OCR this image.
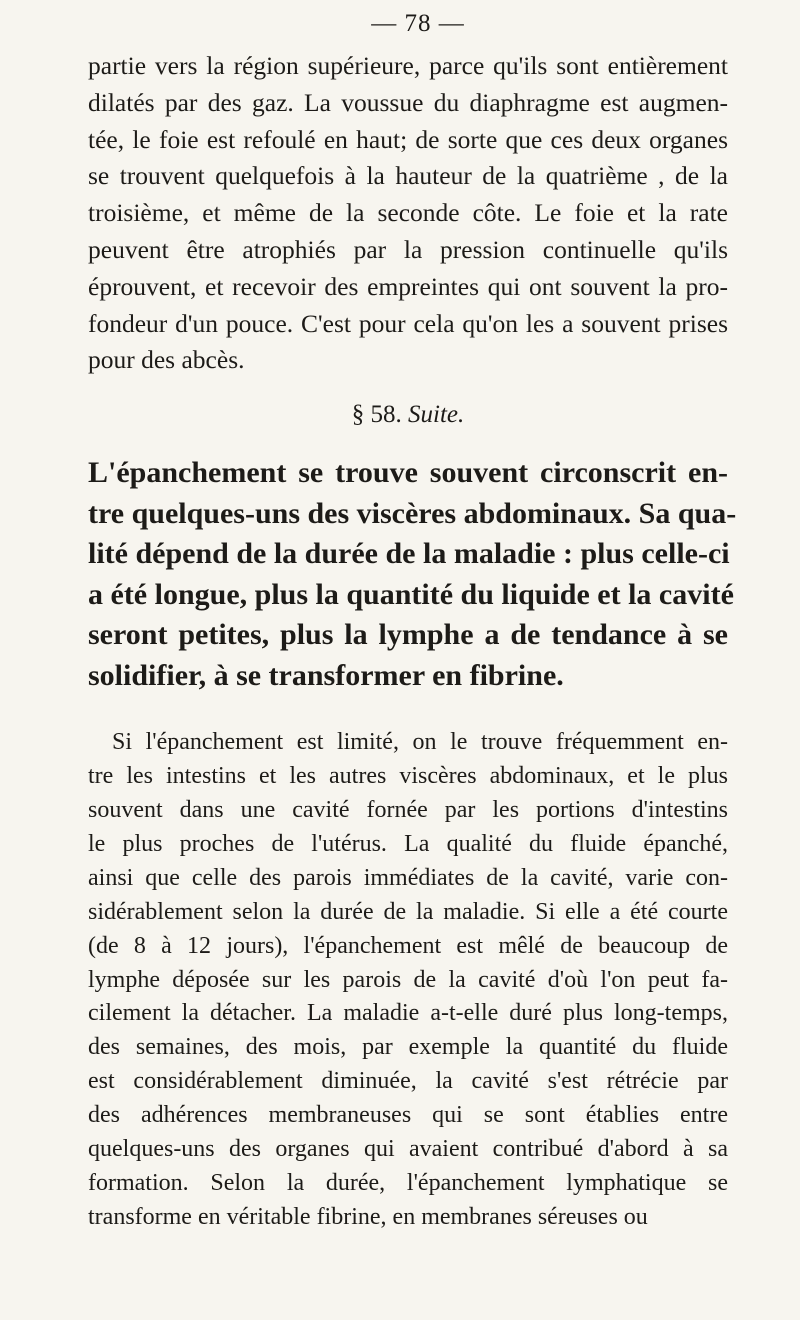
— 78 —

partie vers la région supérieure, parce qu'ils sont entièrement
dilatés par des gaz. La voussue du diaphragme est augmen-
tée, le foie est refoulé en haut; de sorte que ces deux organes
se trouvent quelquefois à la hauteur de la quatrième , de la
troisième, et même de la seconde côte. Le foie et la rate
peuvent être atrophiés par la pression continuelle qu'ils
éprouvent, et recevoir des empreintes qui ont souvent la pro-
fondeur d'un pouce. C'est pour cela qu'on les a souvent prises
pour des abcès.

§ 58. Suite.

L'épanchement se trouve souvent circonscrit en-
tre quelques-uns des viscères abdominaux. Sa qua-
lité dépend de la durée de la maladie : plus celle-ci
a été longue, plus la quantité du liquide et la cavité
seront petites, plus la lymphe a de tendance à se
solidifier, à se transformer en fibrine.

Si l'épanchement est limité, on le trouve fréquemment en-
tre les intestins et les autres viscères abdominaux, et le plus
souvent dans une cavité fornée par les portions d'intestins
le plus proches de l'utérus. La qualité du fluide épanché,
ainsi que celle des parois immédiates de la cavité, varie con-
sidérablement selon la durée de la maladie. Si elle a été courte
(de 8 à 12 jours), l'épanchement est mêlé de beaucoup de
lymphe déposée sur les parois de la cavité d'où l'on peut fa-
cilement la détacher. La maladie a-t-elle duré plus long-temps,
des semaines, des mois, par exemple la quantité du fluide
est considérablement diminuée, la cavité s'est rétrécie par
des adhérences membraneuses qui se sont établies entre
quelques-uns des organes qui avaient contribué d'abord à sa
formation. Selon la durée, l'épanchement lymphatique se
transforme en véritable fibrine, en membranes séreuses ou
